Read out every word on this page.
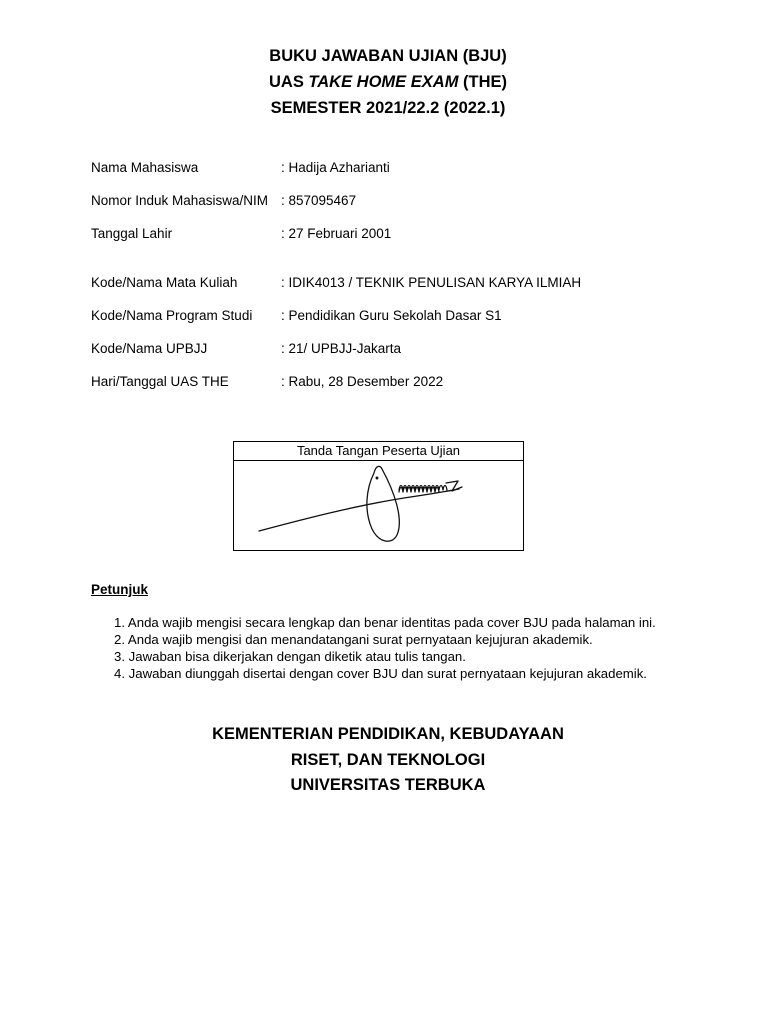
BUKU JAWABAN UJIAN (BJU)
UAS TAKE HOME EXAM (THE)
SEMESTER 2021/22.2 (2022.1)
Nama Mahasiswa	: Hadija Azharianti
Nomor Induk Mahasiswa/NIM : 857095467
Tanggal Lahir	: 27 Februari 2001
Kode/Nama Mata Kuliah	: IDIK4013 / TEKNIK PENULISAN KARYA ILMIAH
Kode/Nama Program Studi : Pendidikan Guru Sekolah Dasar S1
Kode/Nama UPBJJ	: 21/ UPBJJ-Jakarta
Hari/Tanggal UAS THE	: Rabu, 28 Desember 2022
Tanda Tangan Peserta Ujian
Petunjuk
1. Anda wajib mengisi secara lengkap dan benar identitas pada cover BJU pada halaman ini.
2. Anda wajib mengisi dan menandatangani surat pernyataan kejujuran akademik.
3. Jawaban bisa dikerjakan dengan diketik atau tulis tangan.
4. Jawaban diunggah disertai dengan cover BJU dan surat pernyataan kejujuran akademik.
KEMENTERIAN PENDIDIKAN, KEBUDAYAAN
RISET, DAN TEKNOLOGI
UNIVERSITAS TERBUKA
